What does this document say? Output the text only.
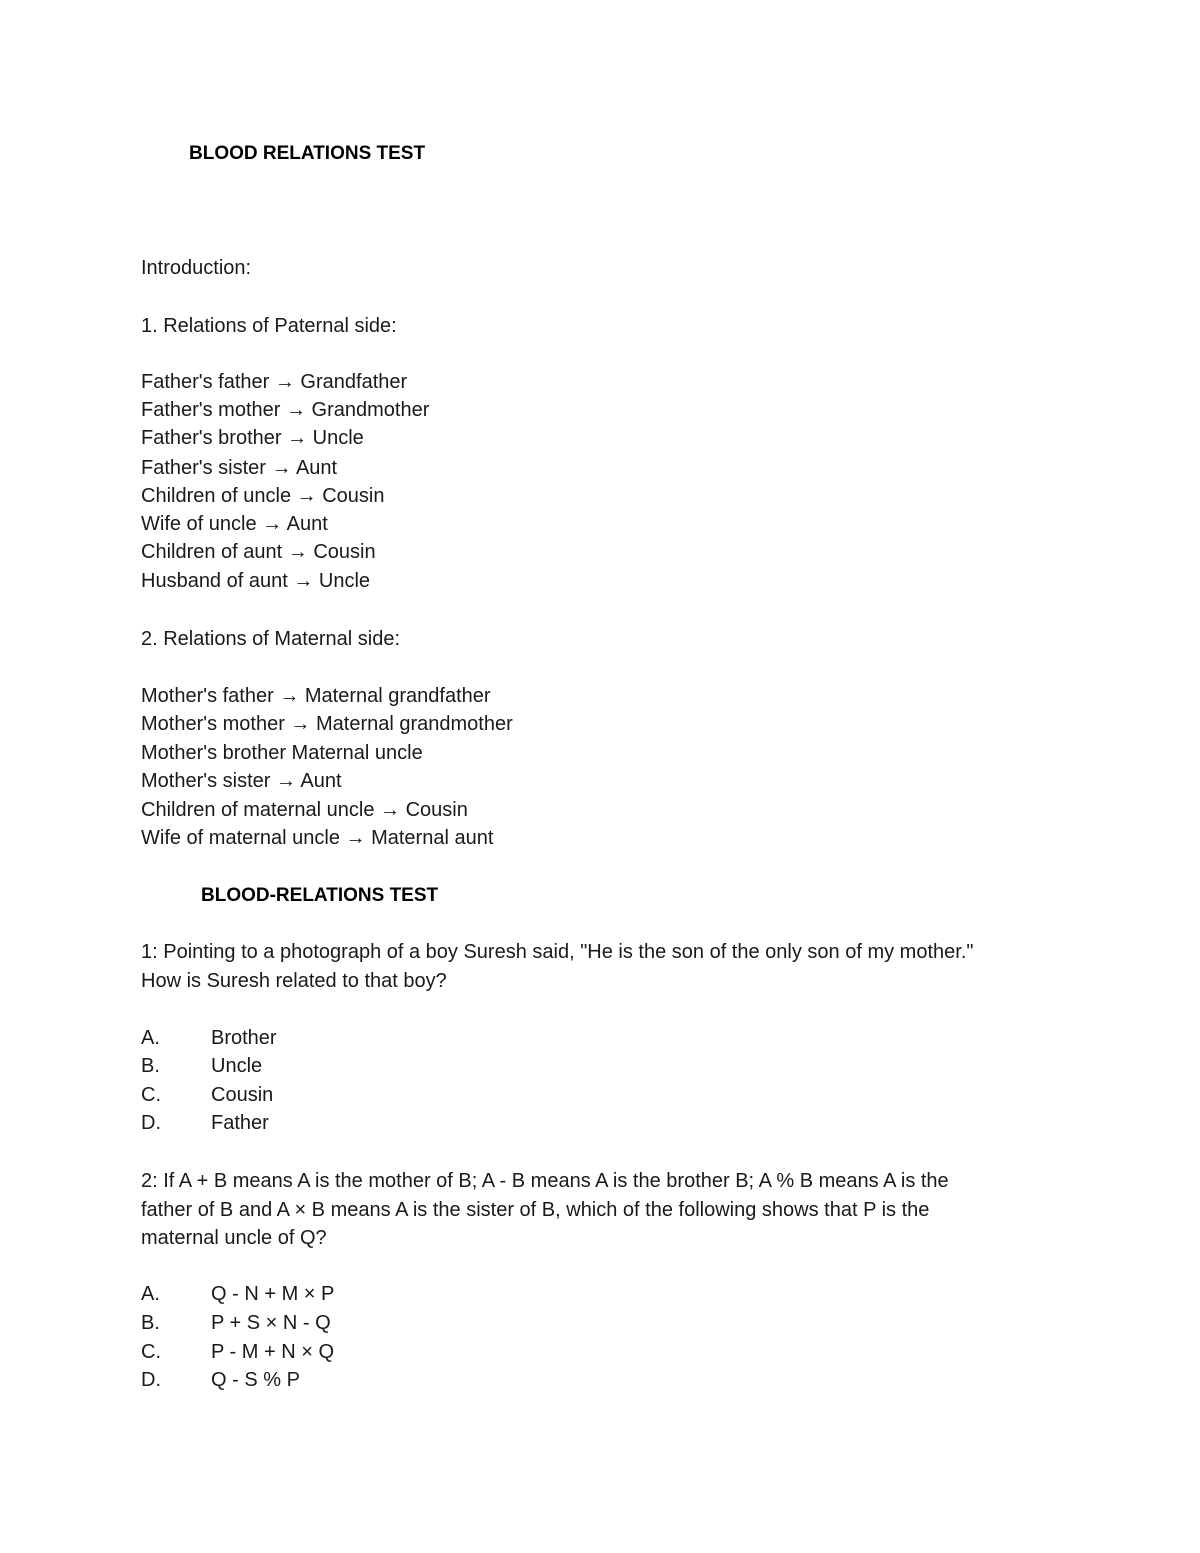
BLOOD RELATIONS TEST
Introduction:
1. Relations of Paternal side:
Father's father → Grandfather
Father's mother → Grandmother
Father's brother → Uncle
Father's sister → Aunt
Children of uncle → Cousin
Wife of uncle → Aunt
Children of aunt → Cousin
Husband of aunt → Uncle
2. Relations of Maternal side:
Mother's father → Maternal grandfather
Mother's mother → Maternal grandmother
Mother's brother Maternal uncle
Mother's sister → Aunt
Children of maternal uncle → Cousin
Wife of maternal uncle → Maternal aunt
BLOOD-RELATIONS TEST
1: Pointing to a photograph of a boy Suresh said, "He is the son of the only son of my mother."
How is Suresh related to that boy?
A.	Brother
B.	Uncle
C.	Cousin
D.	Father
2: If A + B means A is the mother of B; A - B means A is the brother B; A % B means A is the
father of B and A × B means A is the sister of B, which of the following shows that P is the
maternal uncle of Q?
A.	Q - N + M × P
B.	P + S × N - Q
C.	P - M + N × Q
D.	Q - S % P
